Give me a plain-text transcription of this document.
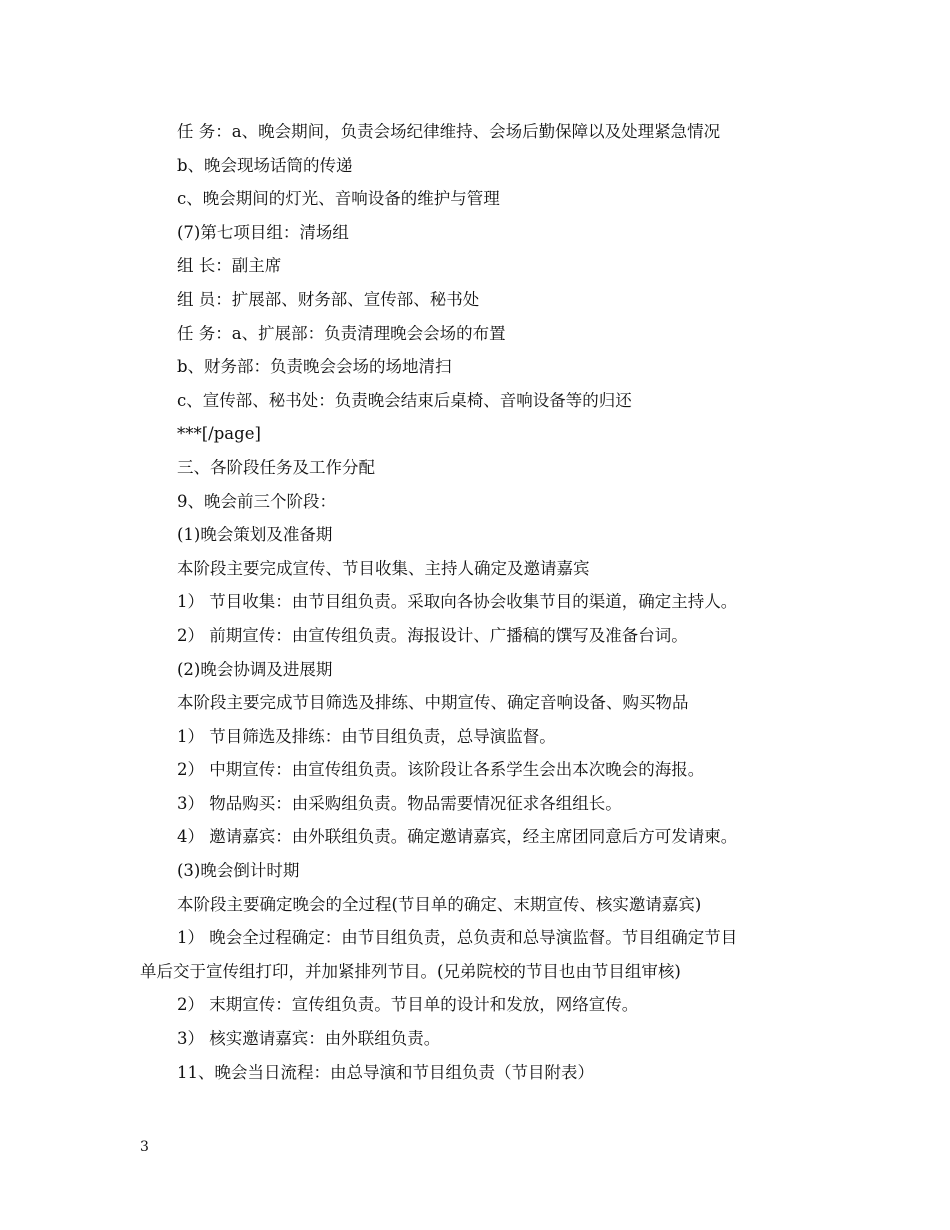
任 务：a、晚会期间，负责会场纪律维持、会场后勤保障以及处理紧急情况
b、晚会现场话筒的传递
c、晚会期间的灯光、音响设备的维护与管理
(7)第七项目组：清场组
组 长：副主席
组 员：扩展部、财务部、宣传部、秘书处
任 务：a、扩展部：负责清理晚会会场的布置
b、财务部：负责晚会会场的场地清扫
c、宣传部、秘书处：负责晚会结束后桌椅、音响设备等的归还
***[/page]
三、各阶段任务及工作分配
9、晚会前三个阶段：
(1)晚会策划及准备期
本阶段主要完成宣传、节目收集、主持人确定及邀请嘉宾
1） 节目收集：由节目组负责。采取向各协会收集节目的渠道，确定主持人。
2） 前期宣传：由宣传组负责。海报设计、广播稿的馔写及准备台词。
(2)晚会协调及进展期
本阶段主要完成节目筛选及排练、中期宣传、确定音响设备、购买物品
1） 节目筛选及排练：由节目组负责，总导演监督。
2） 中期宣传：由宣传组负责。该阶段让各系学生会出本次晚会的海报。
3） 物品购买：由采购组负责。物品需要情况征求各组组长。
4） 邀请嘉宾：由外联组负责。确定邀请嘉宾，经主席团同意后方可发请柬。
(3)晚会倒计时期
本阶段主要确定晚会的全过程(节目单的确定、末期宣传、核实邀请嘉宾)
1） 晚会全过程确定：由节目组负责，总负责和总导演监督。节目组确定节目
单后交于宣传组打印，并加紧排列节目。(兄弟院校的节目也由节目组审核)
2） 末期宣传：宣传组负责。节目单的设计和发放，网络宣传。
3） 核实邀请嘉宾：由外联组负责。
11、晚会当日流程：由总导演和节目组负责（节目附表）
3
